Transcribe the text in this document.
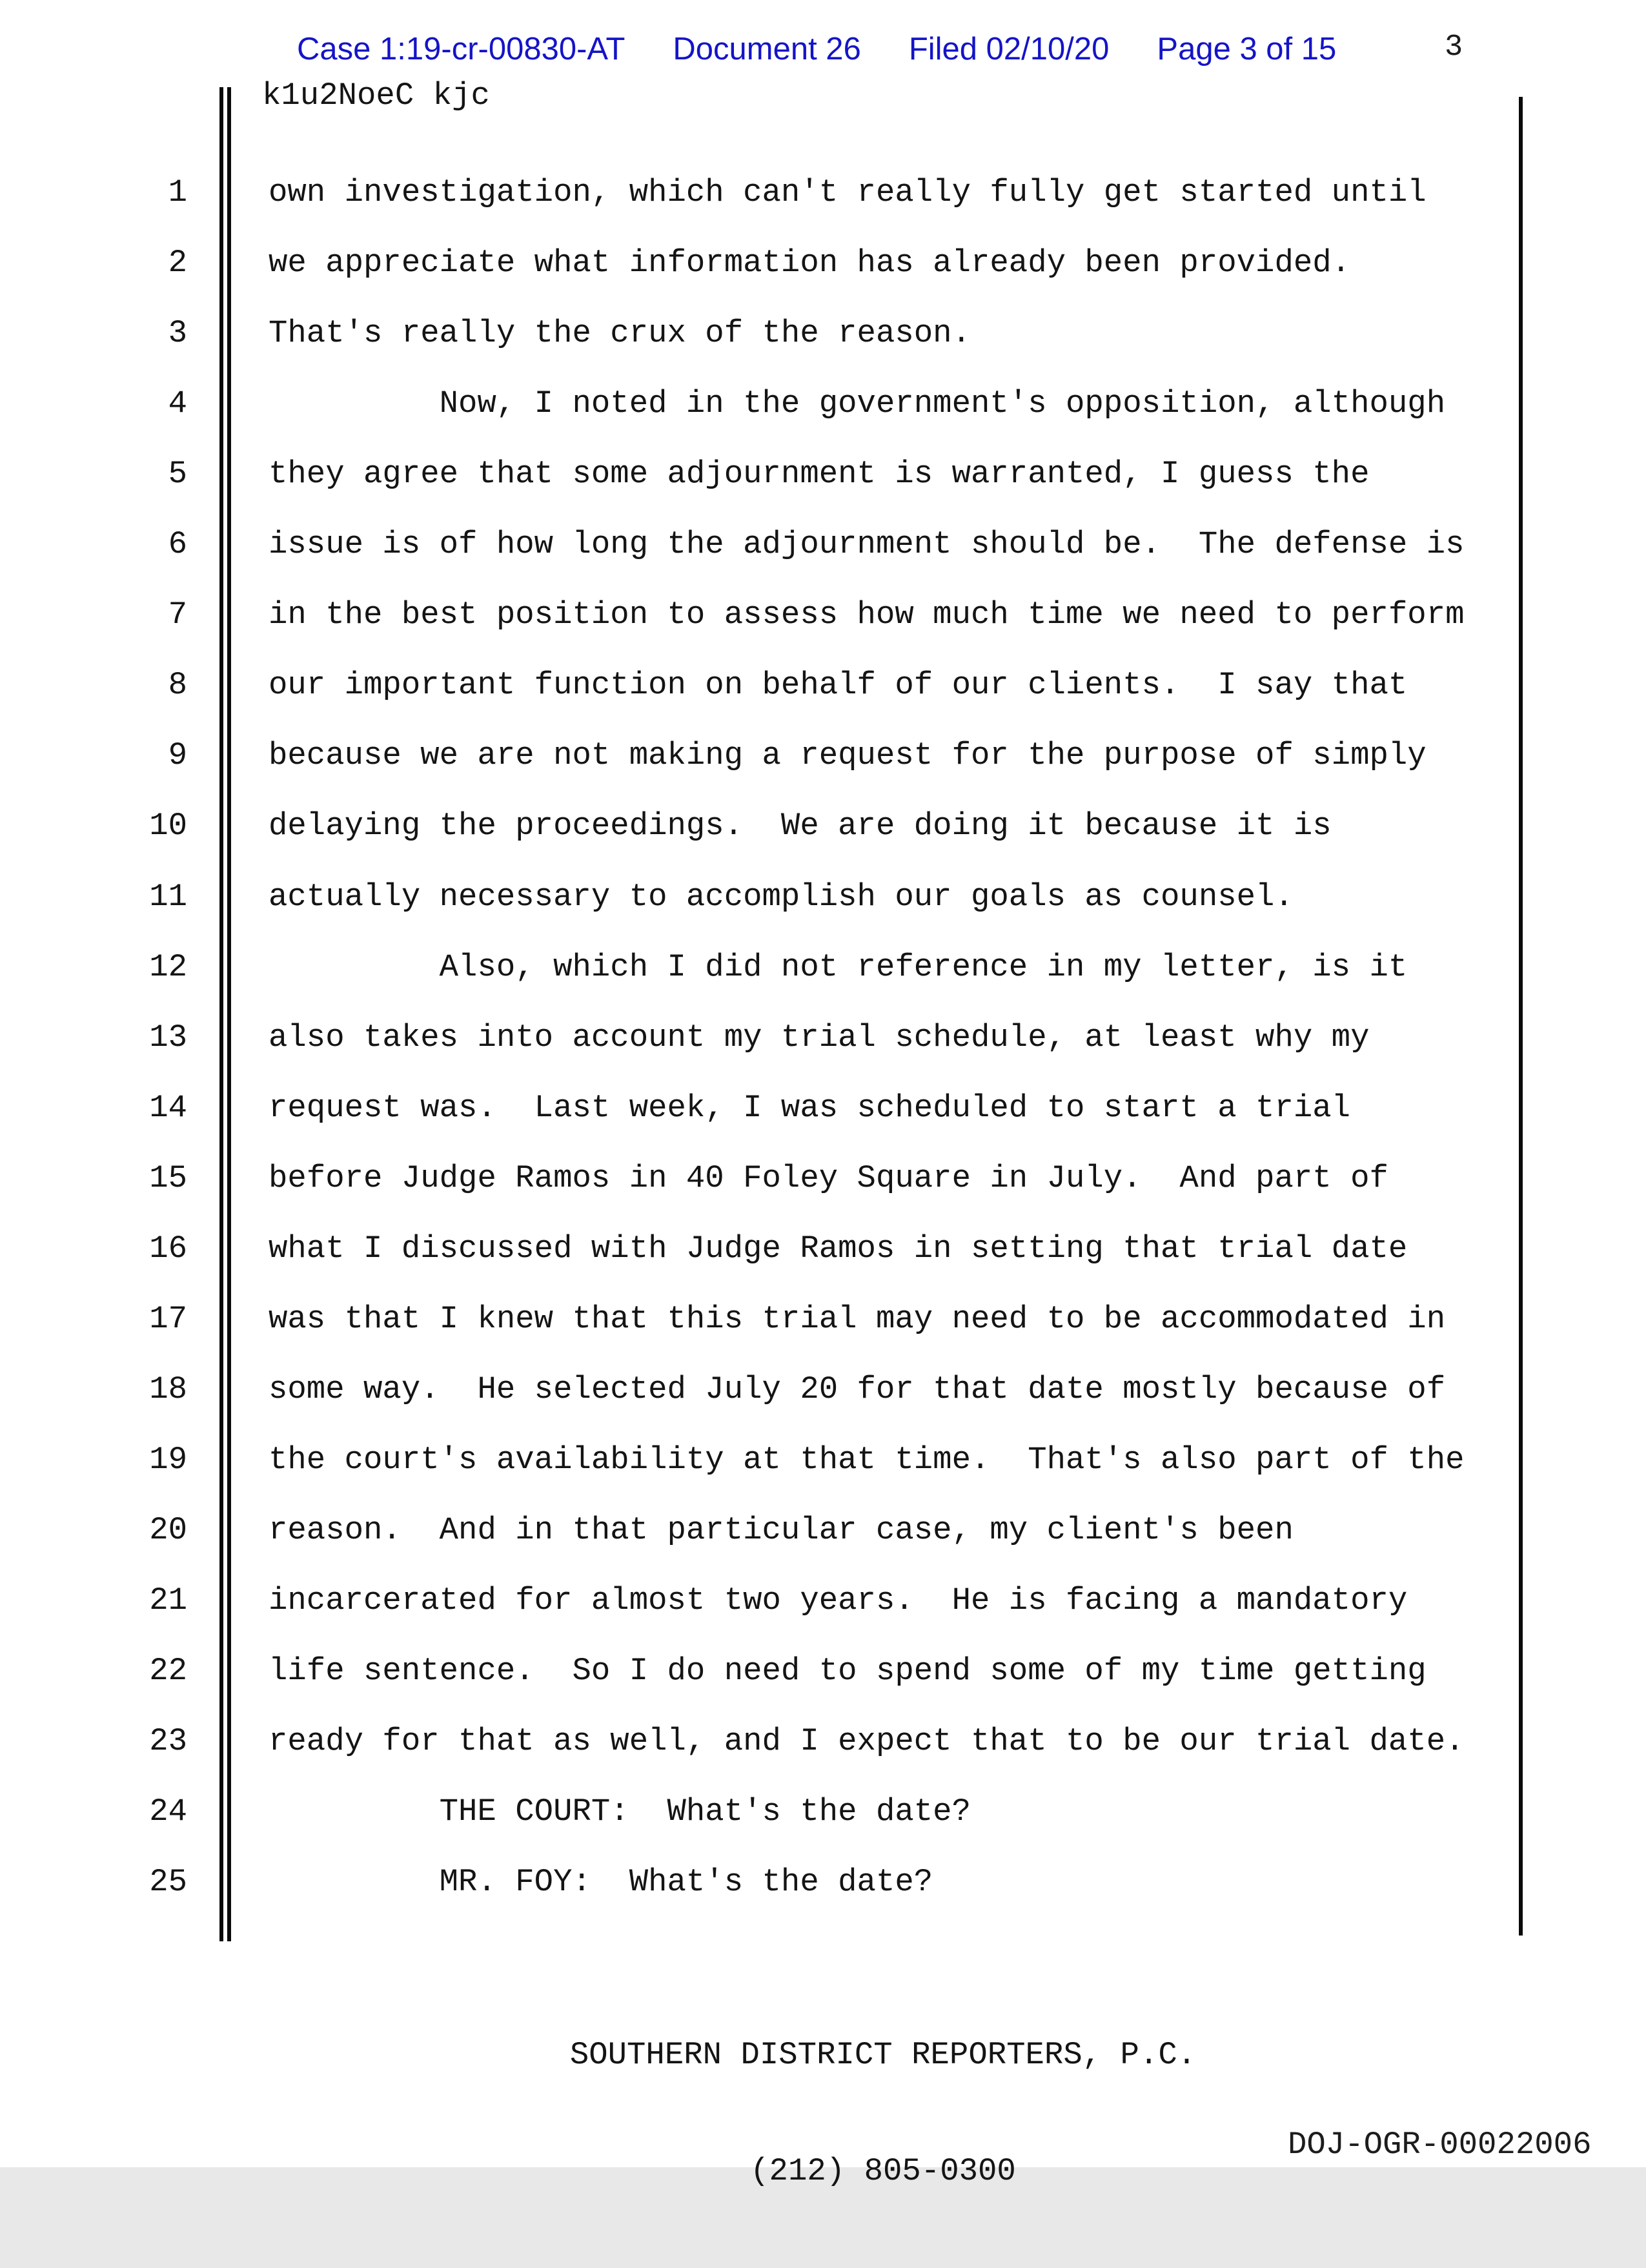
Case 1:19-cr-00830-AT Document 26 Filed 02/10/20 Page 3 of 15	3
k1u2NoeC kjc
1	own investigation, which can't really fully get started until
2	we appreciate what information has already been provided.
3	That's really the crux of the reason.
4	Now, I noted in the government's opposition, although
5	they agree that some adjournment is warranted, I guess the
6	issue is of how long the adjournment should be.  The defense is
7	in the best position to assess how much time we need to perform
8	our important function on behalf of our clients.  I say that
9	because we are not making a request for the purpose of simply
10	delaying the proceedings.  We are doing it because it is
11	actually necessary to accomplish our goals as counsel.
12	Also, which I did not reference in my letter, is it
13	also takes into account my trial schedule, at least why my
14	request was.  Last week, I was scheduled to start a trial
15	before Judge Ramos in 40 Foley Square in July.  And part of
16	what I discussed with Judge Ramos in setting that trial date
17	was that I knew that this trial may need to be accommodated in
18	some way.  He selected July 20 for that date mostly because of
19	the court's availability at that time.  That's also part of the
20	reason.  And in that particular case, my client's been
21	incarcerated for almost two years.  He is facing a mandatory
22	life sentence.  So I do need to spend some of my time getting
23	ready for that as well, and I expect that to be our trial date.
24	THE COURT:  What's the date?
25	MR. FOY:  What's the date?

SOUTHERN DISTRICT REPORTERS, P.C.

(212) 805-0300

DOJ-OGR-00022006
